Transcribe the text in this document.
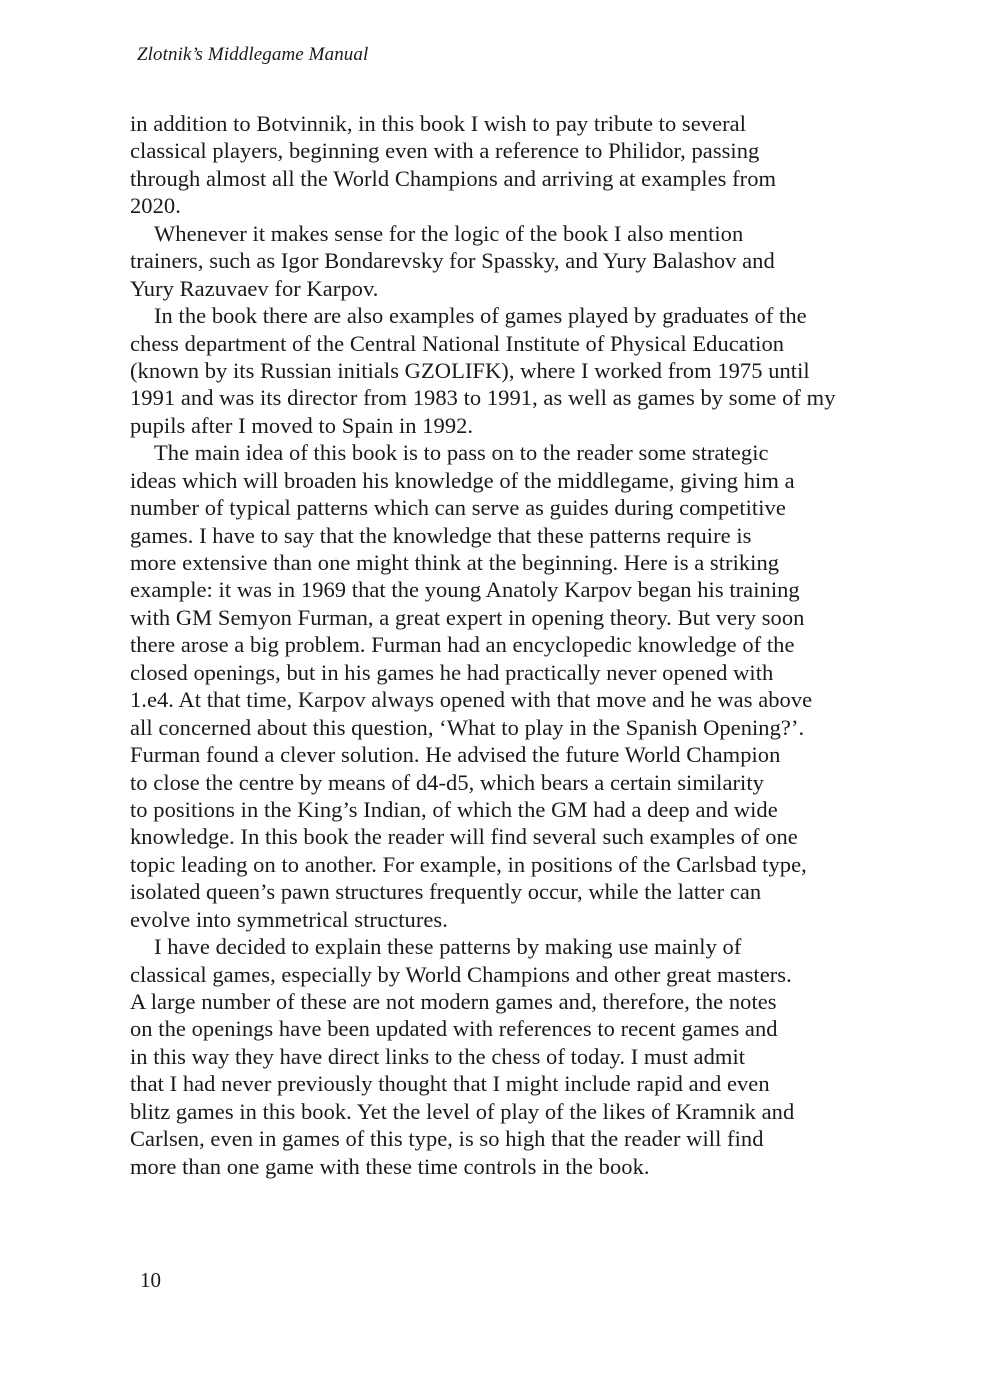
Zlotnik’s Middlegame Manual
in addition to Botvinnik, in this book I wish to pay tribute to several
classical players, beginning even with a reference to Philidor, passing
through almost all the World Champions and arriving at examples from
2020.
Whenever it makes sense for the logic of the book I also mention
trainers, such as Igor Bondarevsky for Spassky, and Yury Balashov and
Yury Razuvaev for Karpov.
In the book there are also examples of games played by graduates of the
chess department of the Central National Institute of Physical Education
(known by its Russian initials GZOLIFK), where I worked from 1975 until
1991 and was its director from 1983 to 1991, as well as games by some of my
pupils after I moved to Spain in 1992.
The main idea of this book is to pass on to the reader some strategic
ideas which will broaden his knowledge of the middlegame, giving him a
number of typical patterns which can serve as guides during competitive
games. I have to say that the knowledge that these patterns require is
more extensive than one might think at the beginning. Here is a striking
example: it was in 1969 that the young Anatoly Karpov began his training
with GM Semyon Furman, a great expert in opening theory. But very soon
there arose a big problem. Furman had an encyclopedic knowledge of the
closed openings, but in his games he had practically never opened with
1.e4. At that time, Karpov always opened with that move and he was above
all concerned about this question, ‘What to play in the Spanish Opening?’.
Furman found a clever solution. He advised the future World Champion
to close the centre by means of d4-d5, which bears a certain similarity
to positions in the King’s Indian, of which the GM had a deep and wide
knowledge. In this book the reader will find several such examples of one
topic leading on to another. For example, in positions of the Carlsbad type,
isolated queen’s pawn structures frequently occur, while the latter can
evolve into symmetrical structures.
I have decided to explain these patterns by making use mainly of
classical games, especially by World Champions and other great masters.
A large number of these are not modern games and, therefore, the notes
on the openings have been updated with references to recent games and
in this way they have direct links to the chess of today. I must admit
that I had never previously thought that I might include rapid and even
blitz games in this book. Yet the level of play of the likes of Kramnik and
Carlsen, even in games of this type, is so high that the reader will find
more than one game with these time controls in the book.
10
